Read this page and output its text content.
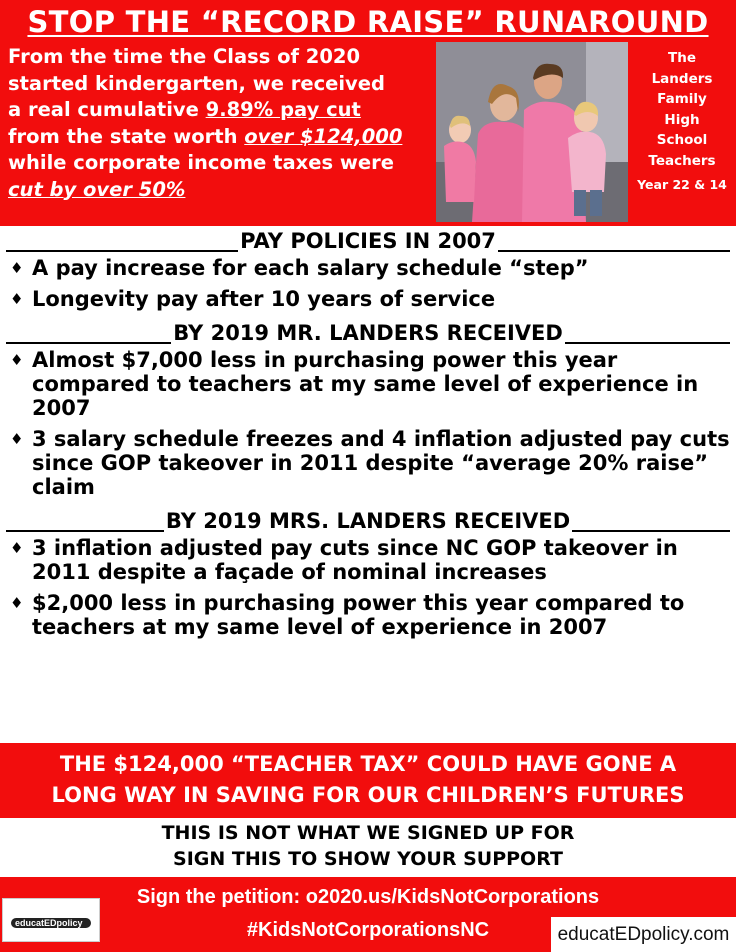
STOP THE “RECORD RAISE” RUNAROUND
From the time the Class of 2020
started kindergarten, we received
a real cumulative 9.89% pay cut
from the state worth over $124,000
while corporate income taxes were
cut by over 50%
The
Landers
Family
High
School
Teachers
Year 22 & 14
PAY POLICIES IN 2007
♦ A pay increase for each salary schedule “step”
♦ Longevity pay after 10 years of service
BY 2019 MR. LANDERS RECEIVED
♦ Almost $7,000 less in purchasing power this year compared to teachers at my same level of experience in 2007
♦ 3 salary schedule freezes and 4 inflation adjusted pay cuts since GOP takeover in 2011 despite “average 20% raise” claim
BY 2019 MRS. LANDERS RECEIVED
♦ 3 inflation adjusted pay cuts since NC GOP takeover in 2011 despite a façade of nominal increases
♦ $2,000 less in purchasing power this year compared to teachers at my same level of experience in 2007
THE $124,000 “TEACHER TAX” COULD HAVE GONE A
LONG WAY IN SAVING FOR OUR CHILDREN’S FUTURES
THIS IS NOT WHAT WE SIGNED UP FOR
SIGN THIS TO SHOW YOUR SUPPORT
Sign the petition: o2020.us/KidsNotCorporations
#KidsNotCorporationsNC
educatEDpolicy
educatEDpolicy.com
